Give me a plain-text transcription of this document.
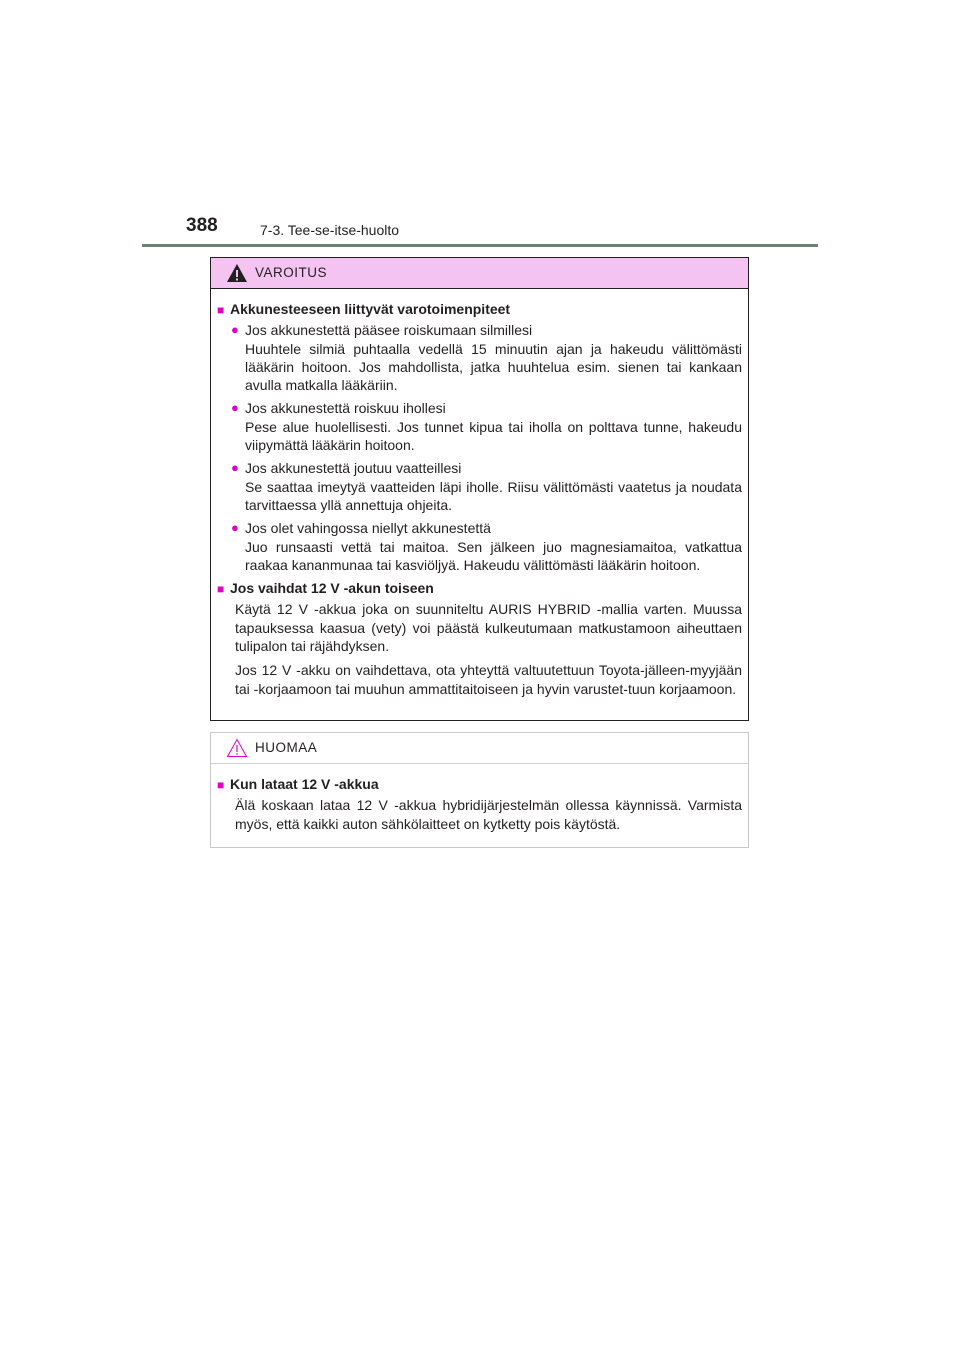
388	7-3. Tee-se-itse-huolto
VAROITUS
■ Akkunesteeseen liittyvät varotoimenpiteet
● Jos akkunestettä pääsee roiskumaan silmillesi
Huuhtele silmiä puhtaalla vedellä 15 minuutin ajan ja hakeudu välittömästi lääkärin hoitoon. Jos mahdollista, jatka huuhtelua esim. sienen tai kankaan avulla matkalla lääkäriin.
● Jos akkunestettä roiskuu ihollesi
Pese alue huolellisesti. Jos tunnet kipua tai iholla on polttava tunne, hakeudu viipymättä lääkärin hoitoon.
● Jos akkunestettä joutuu vaatteillesi
Se saattaa imeytyä vaatteiden läpi iholle. Riisu välittömästi vaatetus ja noudata tarvittaessa yllä annettuja ohjeita.
● Jos olet vahingossa niellyt akkunestettä
Juo runsaasti vettä tai maitoa. Sen jälkeen juo magnesiamaitoa, vatkattua raakaa kananmunaa tai kasviöljyä. Hakeudu välittömästi lääkärin hoitoon.
■ Jos vaihdat 12 V -akun toiseen
Käytä 12 V -akkua joka on suunniteltu AURIS HYBRID -mallia varten. Muussa tapauksessa kaasua (vety) voi päästä kulkeutumaan matkustamoon aiheuttaen tulipalon tai räjähdyksen.
Jos 12 V -akku on vaihdettava, ota yhteyttä valtuutettuun Toyota-jälleen-myyjään tai -korjaamoon tai muuhun ammattitaitoiseen ja hyvin varustet-tuun korjaamoon.
HUOMAA
■ Kun lataat 12 V -akkua
Älä koskaan lataa 12 V -akkua hybridijärjestelmän ollessa käynnissä. Varmista myös, että kaikki auton sähkölaitteet on kytketty pois käytöstä.
